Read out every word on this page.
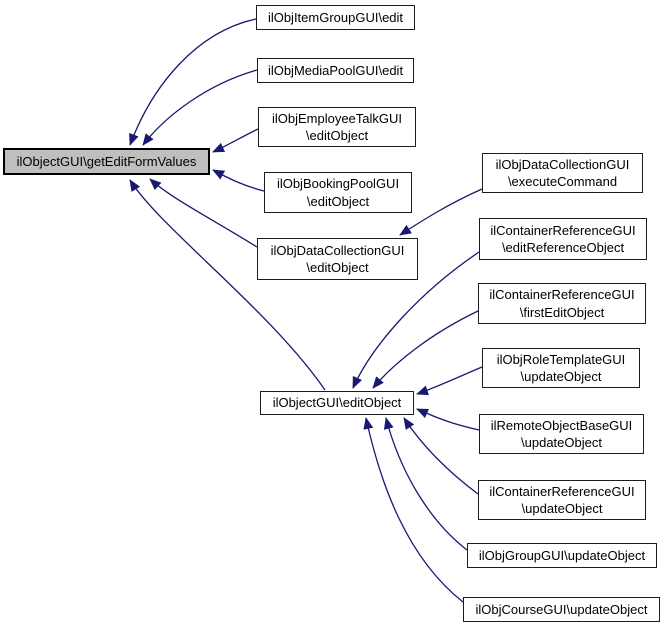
ilObjectGUI\getEditFormValues
ilObjItemGroupGUI\edit
ilObjMediaPoolGUI\edit
ilObjEmployeeTalkGUI
\editObject
ilObjBookingPoolGUI
\editObject
ilObjDataCollectionGUI
\editObject
ilObjectGUI\editObject
ilObjDataCollectionGUI
\executeCommand
ilContainerReferenceGUI
\editReferenceObject
ilContainerReferenceGUI
\firstEditObject
ilObjRoleTemplateGUI
\updateObject
ilRemoteObjectBaseGUI
\updateObject
ilContainerReferenceGUI
\updateObject
ilObjGroupGUI\updateObject
ilObjCourseGUI\updateObject
